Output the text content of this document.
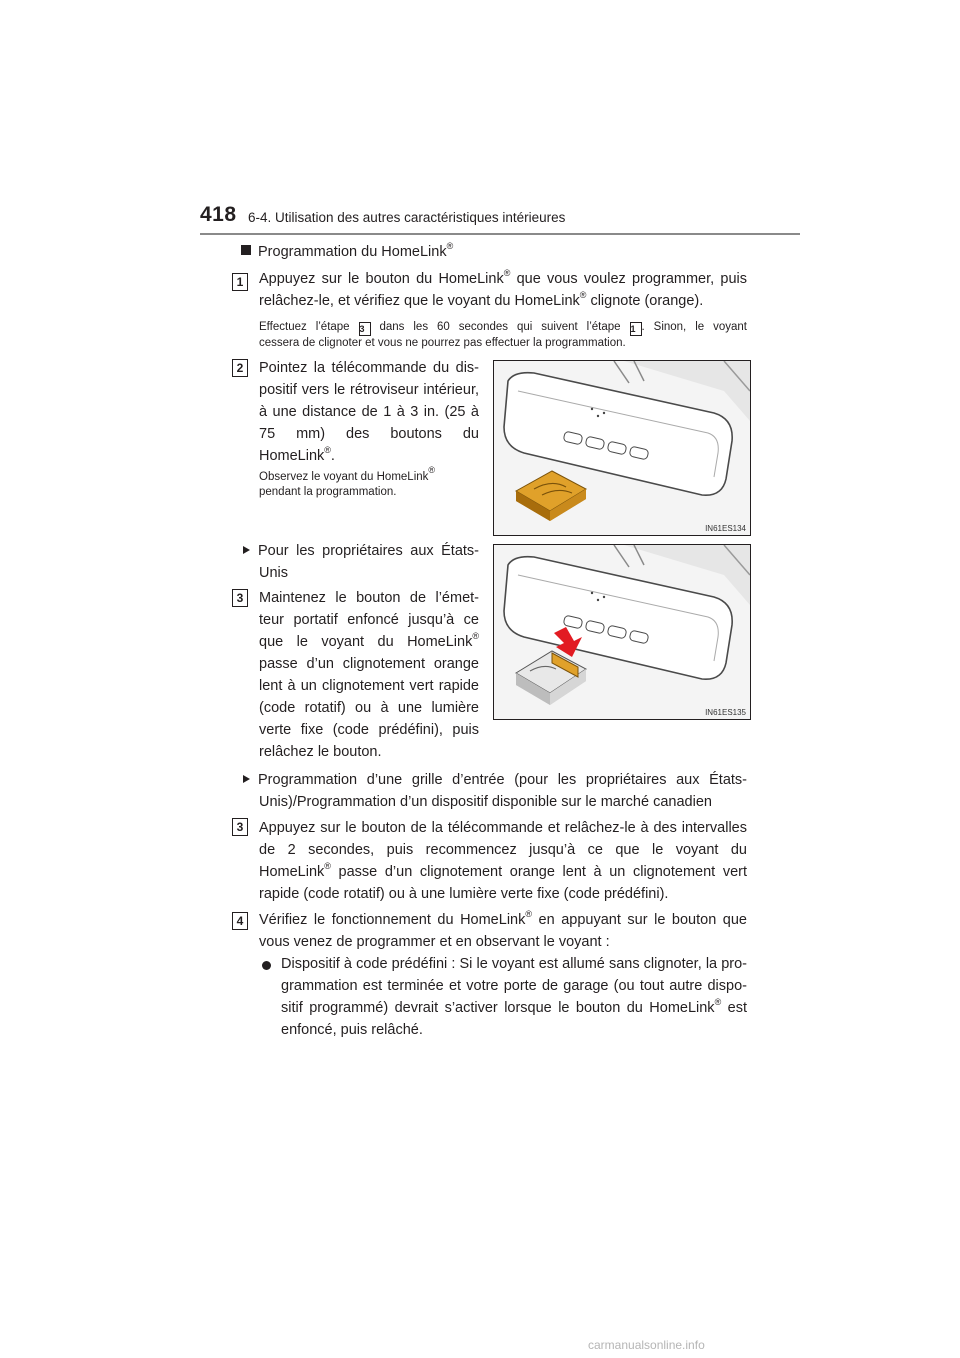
418 6-4. Utilisation des autres caractéristiques intérieures
Programmation du HomeLink®
1	Appuyez sur le bouton du HomeLink® que vous voulez programmer, puis
relâchez-le, et vérifiez que le voyant du HomeLink® clignote (orange).
Effectuez l’étape 3 dans les 60 secondes qui suivent l’étape 1 . Sinon, le voyant
cessera de clignoter et vous ne pourrez pas effectuer la programmation.
2	Pointez la télécommande du dis-
positif vers le rétroviseur intérieur,
à une distance de 1 à 3 in. (25 à
75 mm) des boutons du
HomeLink®.
Observez le voyant du HomeLink®
pendant la programmation.
IN61ES134
Pour les propriétaires aux États-
Unis
3	Maintenez le bouton de l’émet-
teur portatif enfoncé jusqu’à ce
que le voyant du HomeLink®
passe d’un clignotement orange
lent à un clignotement vert rapide
(code rotatif) ou à une lumière
verte fixe (code prédéfini), puis
relâchez le bouton.
IN61ES135
Programmation d’une grille d’entrée (pour les propriétaires aux États-
Unis)/Programmation d’un dispositif disponible sur le marché canadien
3	Appuyez sur le bouton de la télécommande et relâchez-le à des intervalles
de 2 secondes, puis recommencez jusqu’à ce que le voyant du
HomeLink® passe d’un clignotement orange lent à un clignotement vert
rapide (code rotatif) ou à une lumière verte fixe (code prédéfini).
4	Vérifiez le fonctionnement du HomeLink® en appuyant sur le bouton que
vous venez de programmer et en observant le voyant :
Dispositif à code prédéfini : Si le voyant est allumé sans clignoter, la pro-
grammation est terminée et votre porte de garage (ou tout autre dispo-
sitif programmé) devrait s’activer lorsque le bouton du HomeLink® est
enfoncé, puis relâché.
carmanualsonline.info
